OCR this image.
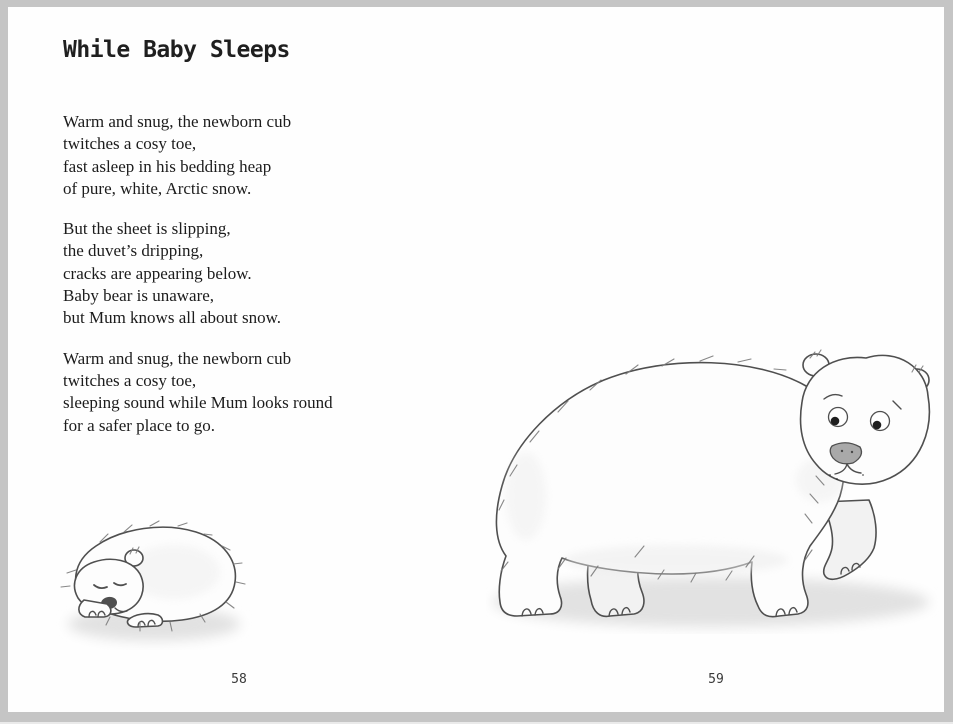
While Baby Sleeps
Warm and snug, the newborn cub
twitches a cosy toe,
fast asleep in his bedding heap
of pure, white, Arctic snow.
But the sheet is slipping,
the duvet’s dripping,
cracks are appearing below.
Baby bear is unaware,
but Mum knows all about snow.
Warm and snug, the newborn cub
twitches a cosy toe,
sleeping sound while Mum looks round
for a safer place to go.
58	59
